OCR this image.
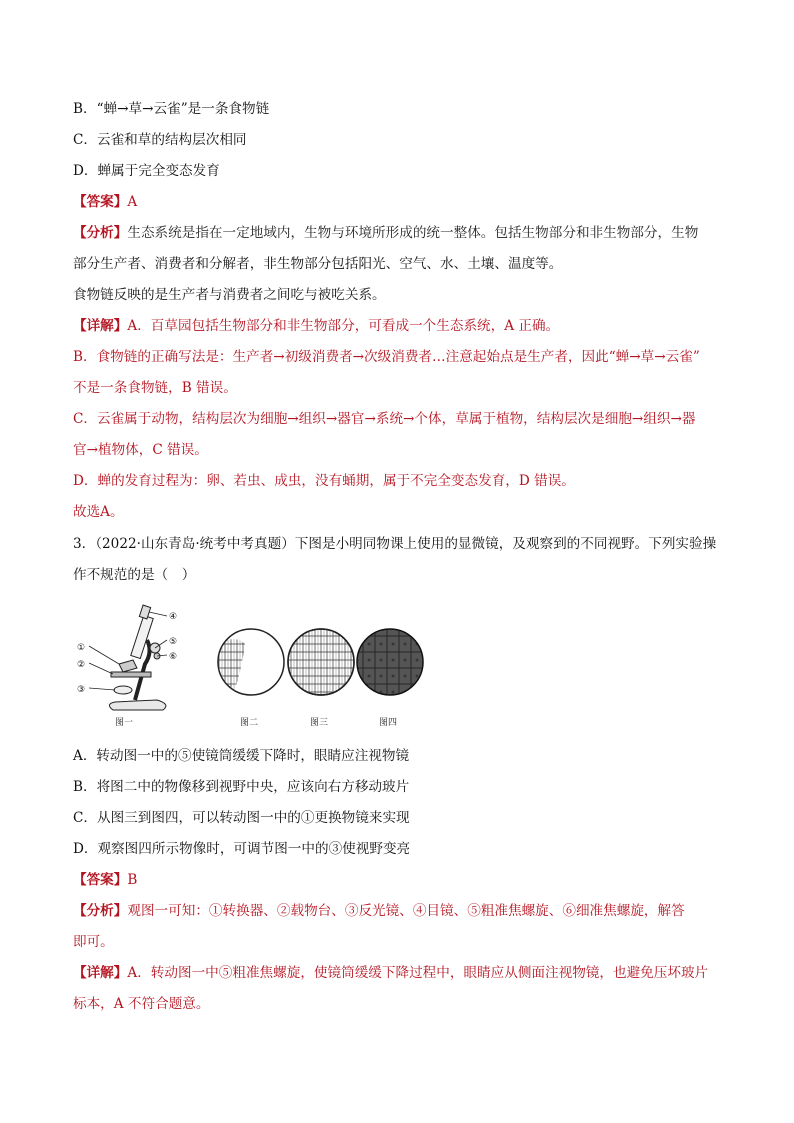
B．“蝉→草→云雀”是一条食物链
C．云雀和草的结构层次相同
D．蝉属于完全变态发育
【答案】A
【分析】生态系统是指在一定地域内，生物与环境所形成的统一整体。包括生物部分和非生物部分，生物
部分生产者、消费者和分解者，非生物部分包括阳光、空气、水、土壤、温度等。
食物链反映的是生产者与消费者之间吃与被吃关系。
【详解】A．百草园包括生物部分和非生物部分，可看成一个生态系统，A 正确。
B．食物链的正确写法是：生产者→初级消费者→次级消费者…注意起始点是生产者，因此“蝉→草→云雀”
不是一条食物链，B 错误。
C．云雀属于动物，结构层次为细胞→组织→器官→系统→个体，草属于植物，结构层次是细胞→组织→器
官→植物体，C 错误。
D．蝉的发育过程为：卵、若虫、成虫，没有蛹期，属于不完全变态发育，D 错误。
故选A。
3．（2022·山东青岛·统考中考真题）下图是小明同物课上使用的显微镜，及观察到的不同视野。下列实验操
作不规范的是（　）
①
②
③
④
⑤
⑥
图一	图二	图三	图四
A．转动图一中的⑤使镜筒缓缓下降时，眼睛应注视物镜
B．将图二中的物像移到视野中央，应该向右方移动玻片
C．从图三到图四，可以转动图一中的①更换物镜来实现
D．观察图四所示物像时，可调节图一中的③使视野变亮
【答案】B
【分析】观图一可知：①转换器、②载物台、③反光镜、④目镜、⑤粗准焦螺旋、⑥细准焦螺旋，解答
即可。
【详解】A．转动图一中⑤粗准焦螺旋，使镜筒缓缓下降过程中，眼睛应从侧面注视物镜，也避免压坏玻片
标本，A 不符合题意。
